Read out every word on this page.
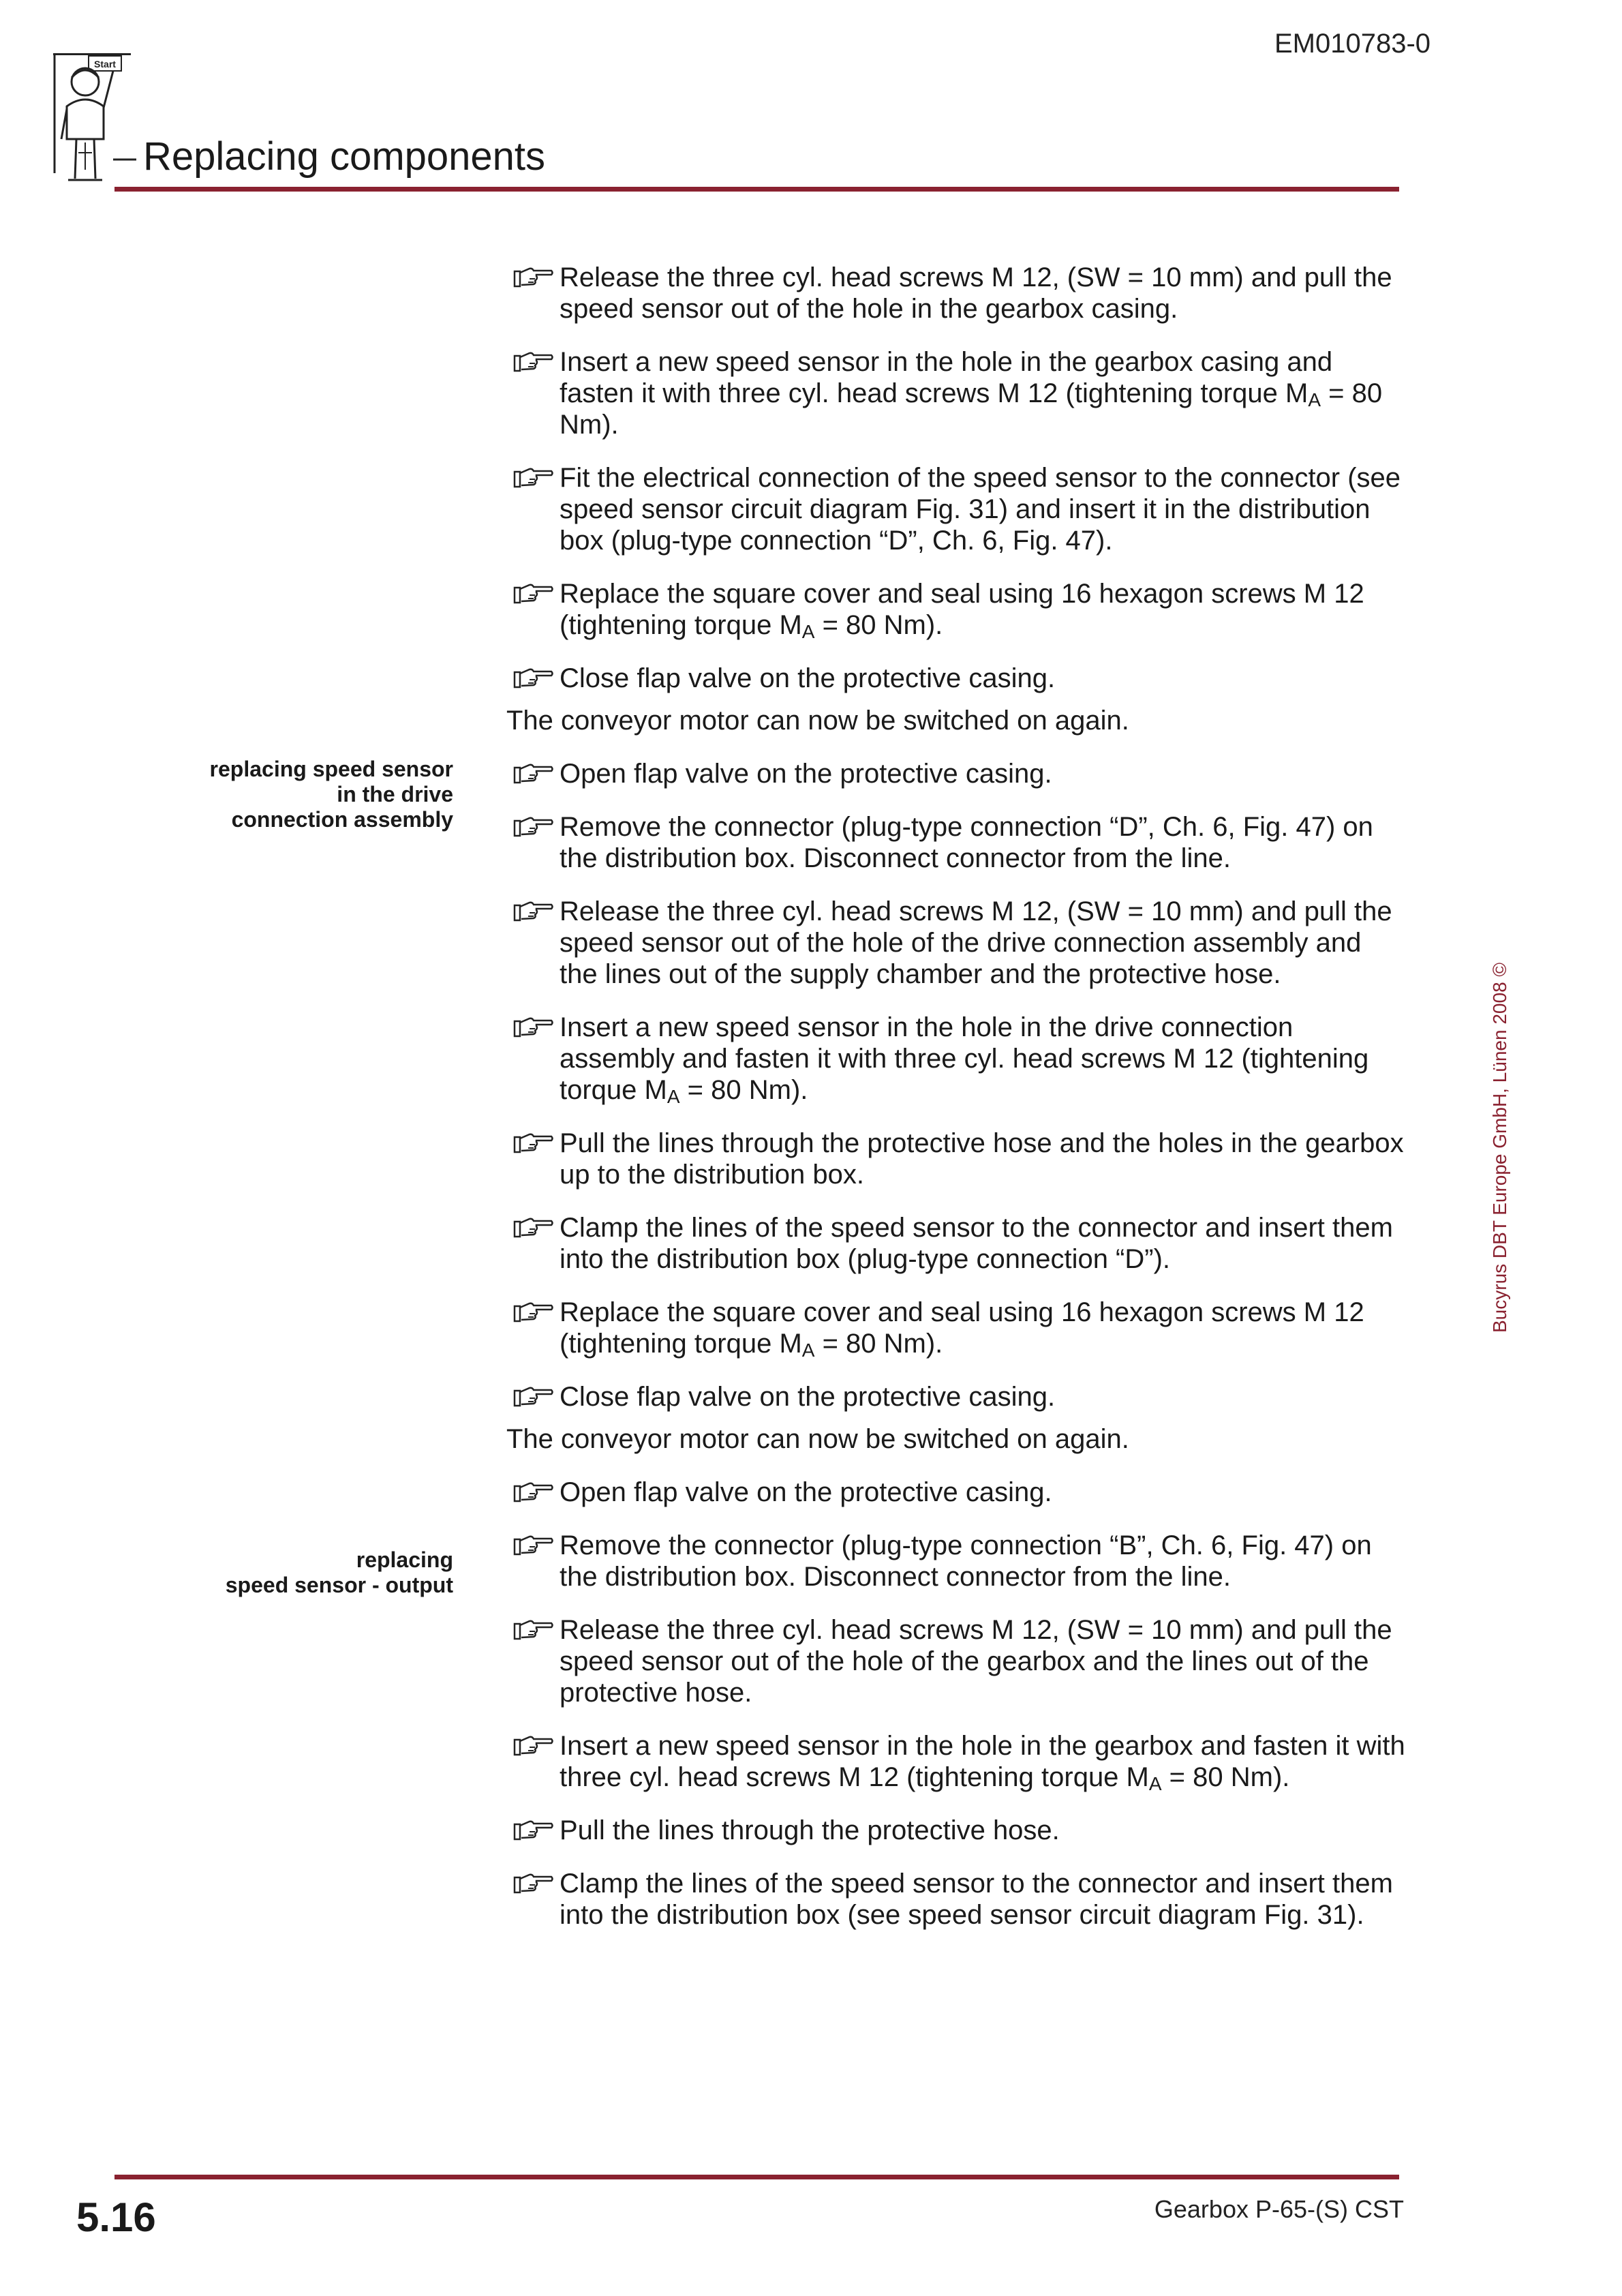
EM010783-0
Start
Replacing components
replacing speed sensor
in the drive
connection assembly
replacing
speed sensor - output
Release the three cyl. head screws M 12, (SW = 10 mm) and pull the speed sensor out of the hole in the gearbox casing.
Insert a new speed sensor in the hole in the gearbox casing and fasten it with three cyl. head screws M 12 (tightening torque $M_A = 80$ Nm).
Fit the electrical connection of the speed sensor to the connector (see speed sensor circuit diagram Fig. 31) and insert it in the distribution box (plug-type connection “D”, Ch. 6, Fig. 47).
Replace the square cover and seal using 16 hexagon screws M 12 (tightening torque $M_A = 80$ Nm).
Close flap valve on the protective casing.
The conveyor motor can now be switched on again.
Open flap valve on the protective casing.
Remove the connector (plug-type connection “D”, Ch. 6, Fig. 47) on the distribution box. Disconnect connector from the line.
Release the three cyl. head screws M 12, (SW = 10 mm) and pull the speed sensor out of the hole of the drive connection assembly and the lines out of the supply chamber and the protective hose.
Insert a new speed sensor in the hole in the drive connection assembly and fasten it with three cyl. head screws M 12 (tightening torque $M_A = 80$ Nm).
Pull the lines through the protective hose and the holes in the gearbox up to the distribution box.
Clamp the lines of the speed sensor to the connector and insert them into the distribution box (plug-type connection “D”).
Replace the square cover and seal using 16 hexagon screws M 12 (tightening torque $M_A = 80$ Nm).
Close flap valve on the protective casing.
The conveyor motor can now be switched on again.
Open flap valve on the protective casing.
Remove the connector (plug-type connection “B”, Ch. 6, Fig. 47) on the distribution box. Disconnect connector from the line.
Release the three cyl. head screws M 12, (SW = 10 mm) and pull the speed sensor out of the hole of the gearbox and the lines out of the protective hose.
Insert a new speed sensor in the hole in the gearbox and fasten it with three cyl. head screws M 12 (tightening torque $M_A = 80$ Nm).
Pull the lines through the protective hose.
Clamp the lines of the speed sensor to the connector and insert them into the distribution box (see speed sensor circuit diagram Fig. 31).
Bucyrus DBT Europe GmbH, Lünen 2008 ©
5.16	Gearbox P-65-(S) CST
